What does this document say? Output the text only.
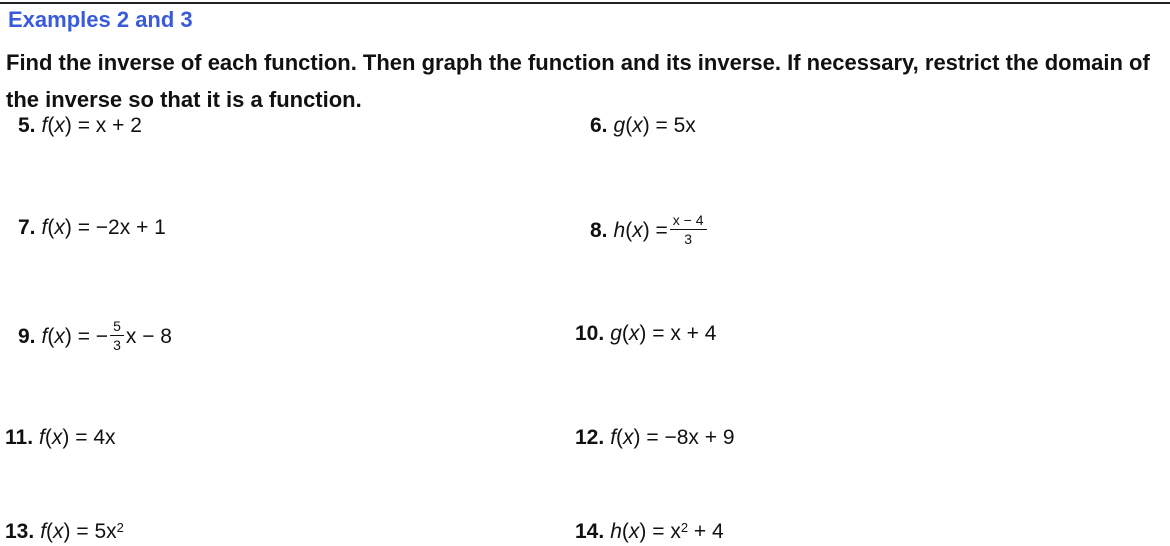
Examples 2 and 3

Find the inverse of each function. Then graph the function and its inverse. If necessary, restrict the domain of the inverse so that it is a function.

5. f(x) = x + 2	6. g(x) = 5x
7. f(x) = −2x + 1	8. $h(x) = \frac{x - 4}{3}$
9. f(x) = − $\frac{5}{3}$ x − 8	10. g(x) = x + 4
11. f(x) = 4x	12. f(x) = −8x + 9
13. $f(x) = 5x^2$	14. $h(x) = x^2 + 4$
